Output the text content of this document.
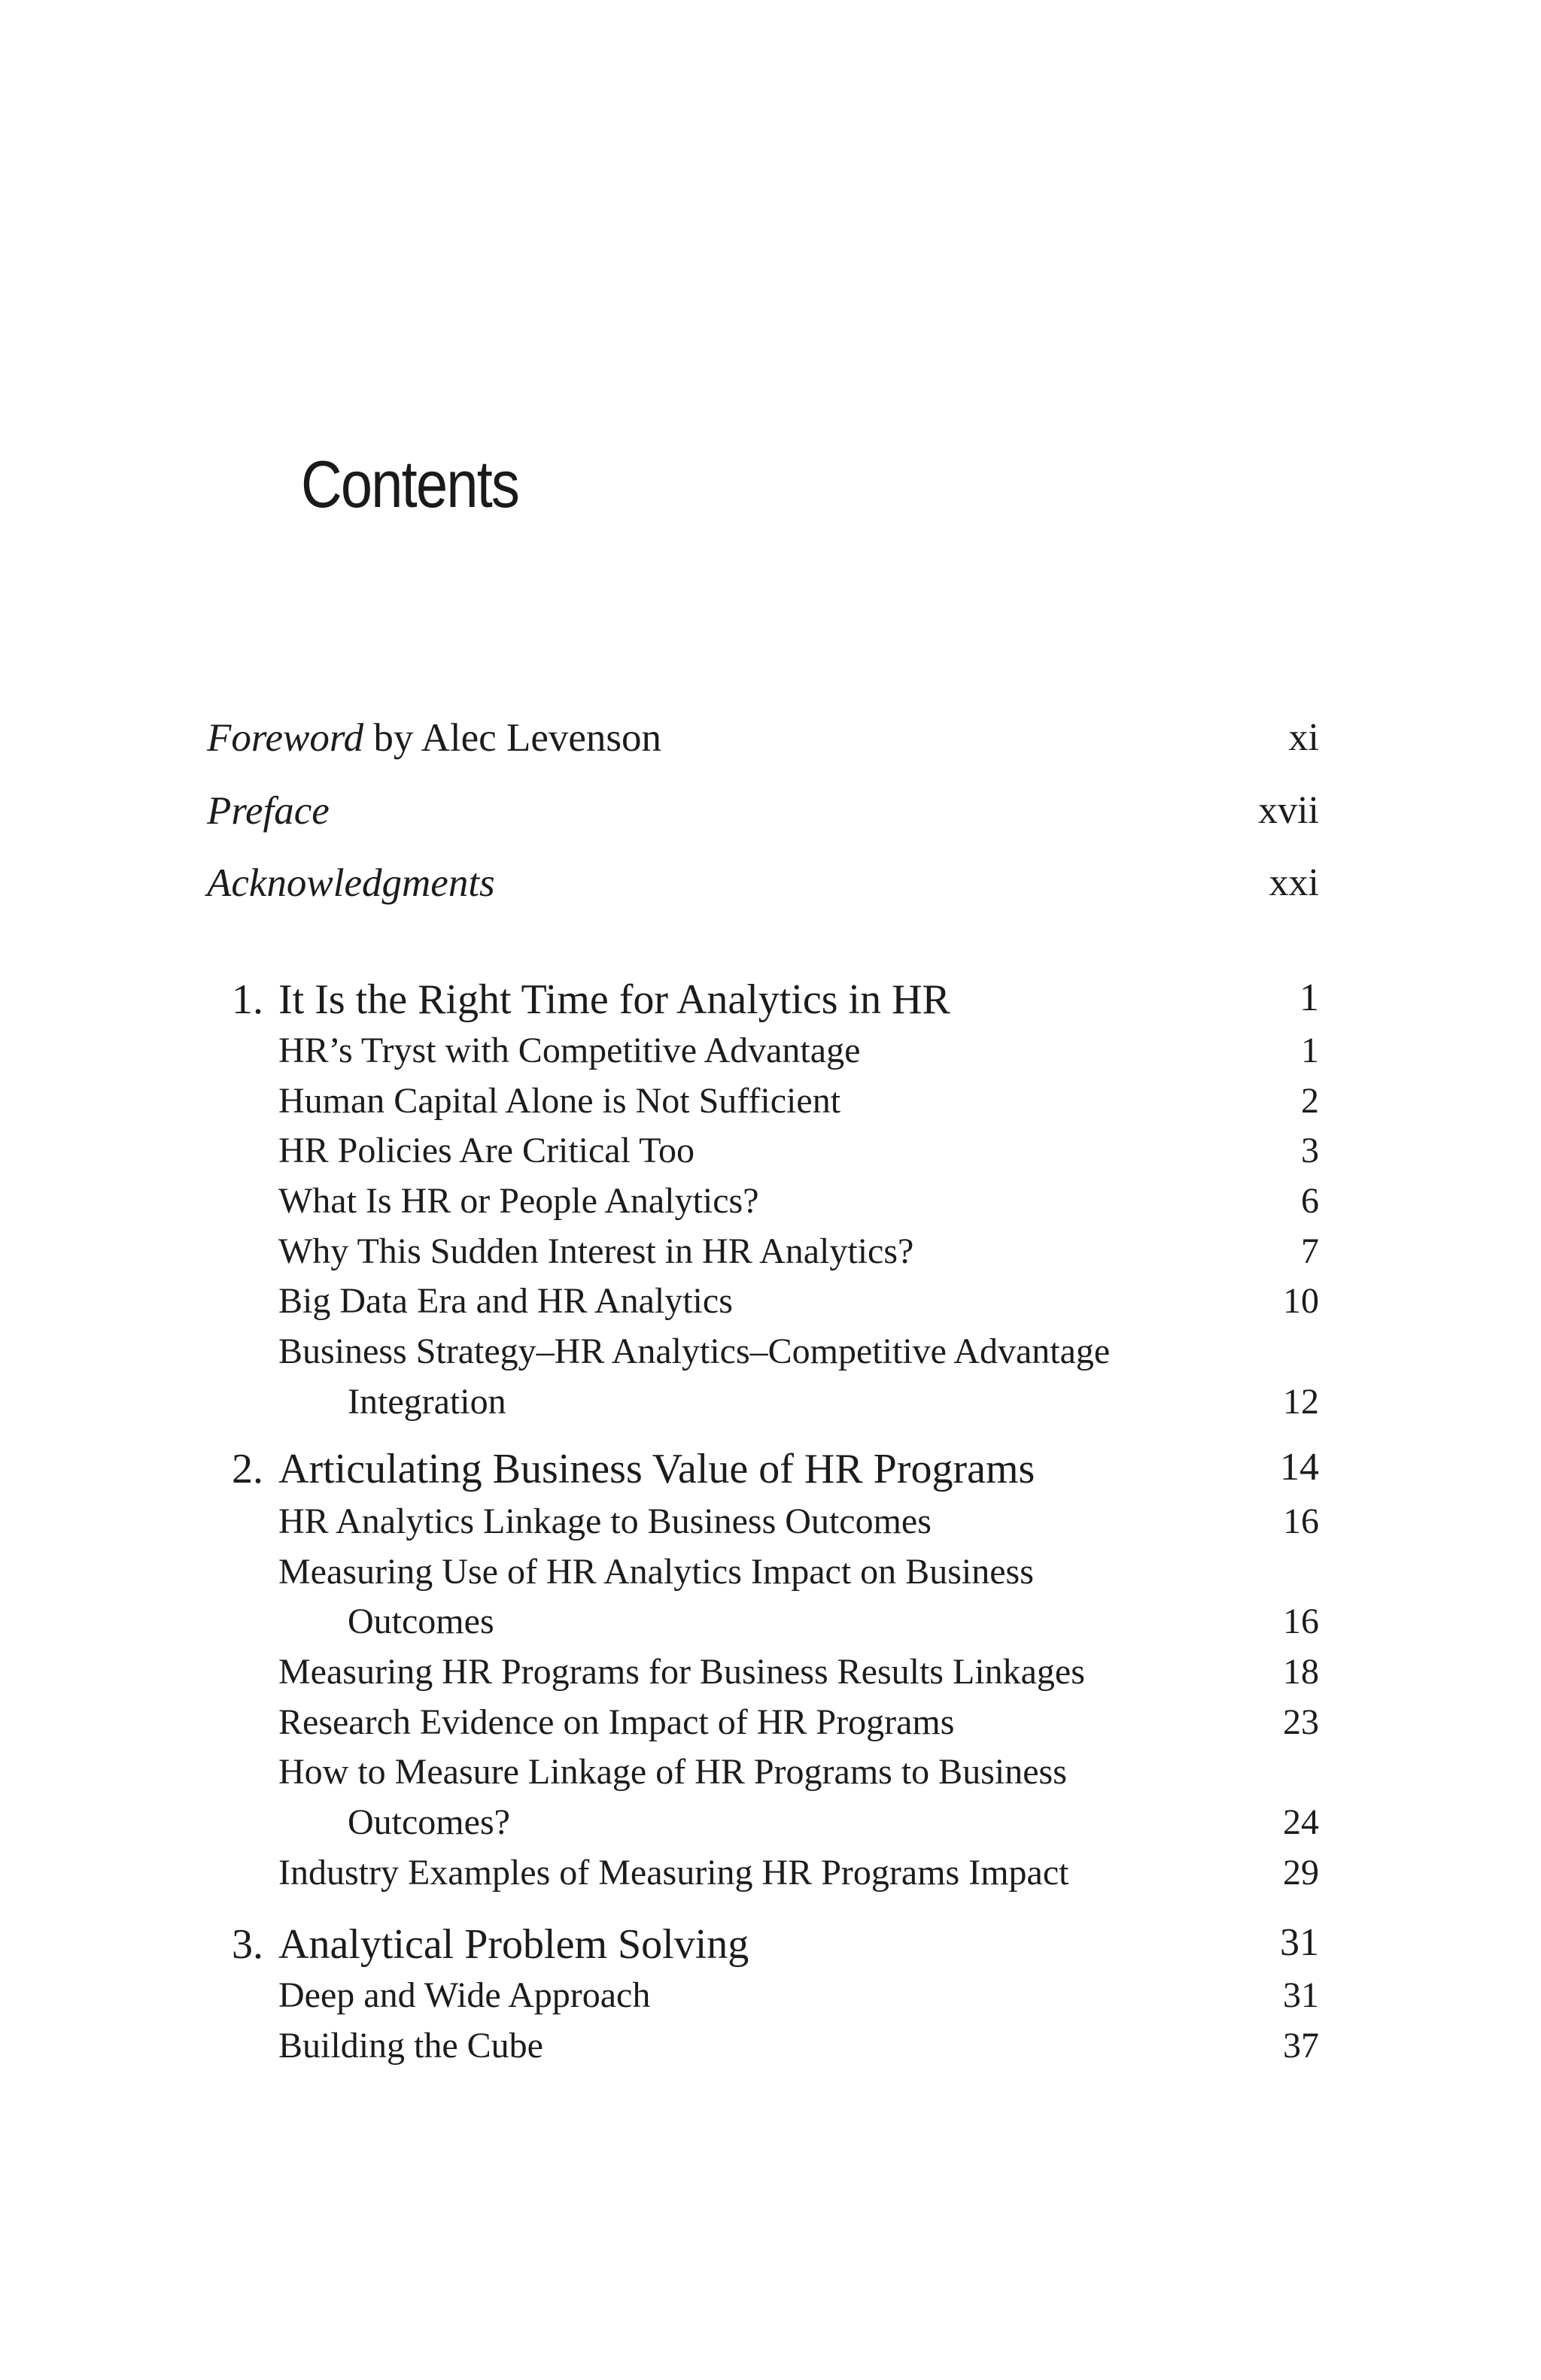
Contents
Foreword by Alec Levenson	xi
Preface	xvii
Acknowledgments	xxi
1. It Is the Right Time for Analytics in HR	1
HR’s Tryst with Competitive Advantage	1
Human Capital Alone is Not Sufficient	2
HR Policies Are Critical Too	3
What Is HR or People Analytics?	6
Why This Sudden Interest in HR Analytics?	7
Big Data Era and HR Analytics	10
Business Strategy–HR Analytics–Competitive Advantage
Integration	12
2. Articulating Business Value of HR Programs	14
HR Analytics Linkage to Business Outcomes	16
Measuring Use of HR Analytics Impact on Business
Outcomes	16
Measuring HR Programs for Business Results Linkages	18
Research Evidence on Impact of HR Programs	23
How to Measure Linkage of HR Programs to Business
Outcomes?	24
Industry Examples of Measuring HR Programs Impact	29
3. Analytical Problem Solving	31
Deep and Wide Approach	31
Building the Cube	37
